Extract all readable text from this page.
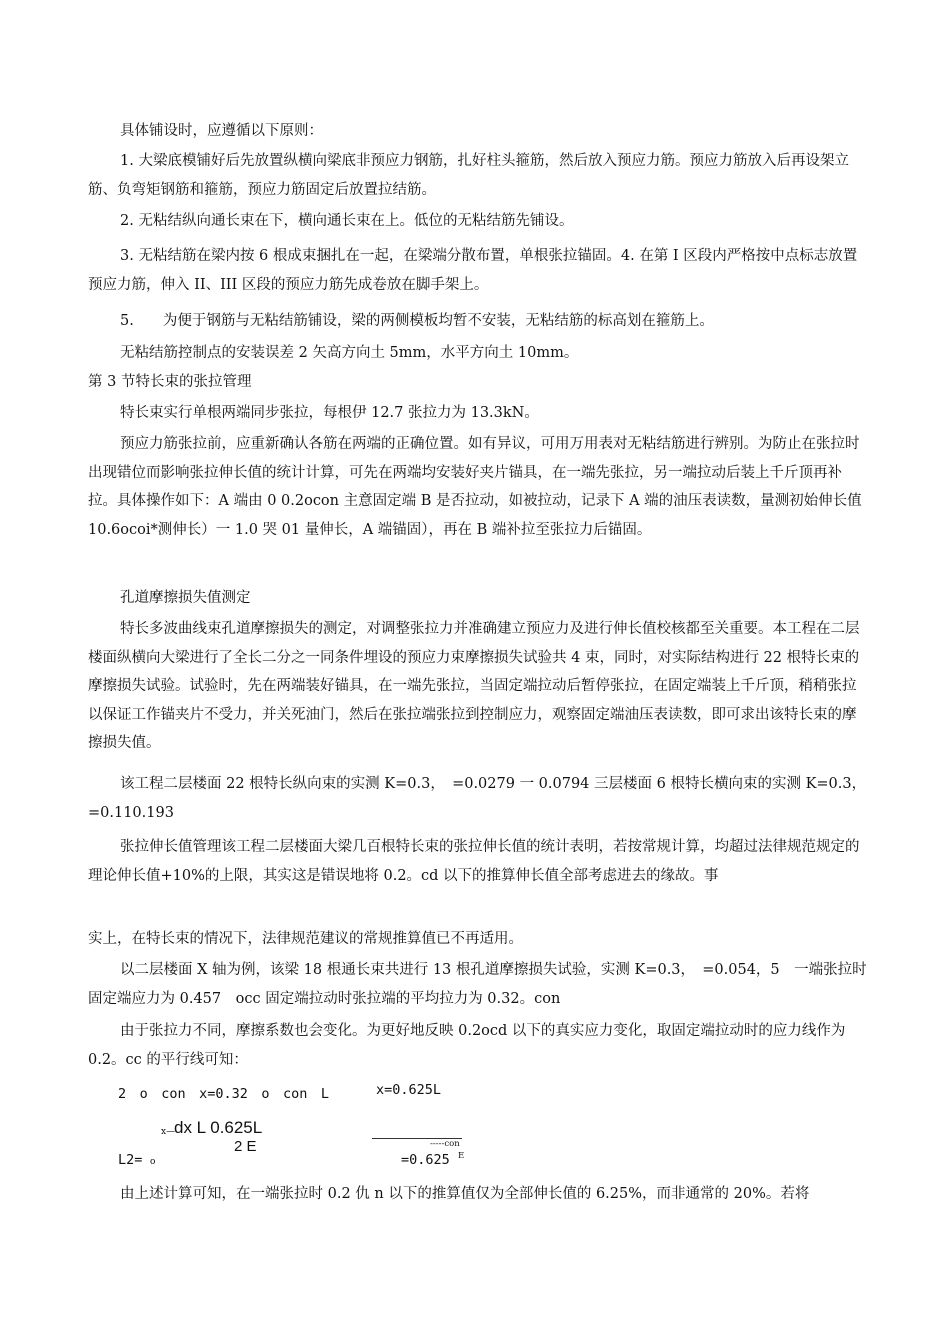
具体铺设时，应遵循以下原则：
1. 大梁底模铺好后先放置纵横向梁底非预应力钢筋，扎好柱头箍筋，然后放入预应力筋。预应力筋放入后再设架立筋、负弯矩钢筋和箍筋，预应力筋固定后放置拉结筋。
2. 无粘结纵向通长束在下，横向通长束在上。低位的无粘结筋先铺设。
3. 无粘结筋在梁内按 6 根成束捆扎在一起，在梁端分散布置，单根张拉锚固。4. 在第 I 区段内严格按中点标志放置预应力筋，伸入 II、III 区段的预应力筋先成卷放在脚手架上。
5.　　为便于钢筋与无粘结筋铺设，梁的两侧模板均暂不安装，无粘结筋的标高划在箍筋上。
无粘结筋控制点的安装误差 2 矢高方向土 5mm，水平方向土 10mm。
第 3 节特长束的张拉管理
特长束实行单根两端同步张拉，每根伊 12.7 张拉力为 13.3kN。
预应力筋张拉前，应重新确认各筋在两端的正确位置。如有异议，可用万用表对无粘结筋进行辨别。为防止在张拉时出现错位而影响张拉伸长值的统计计算，可先在两端均安装好夹片锚具，在一端先张拉，另一端拉动后装上千斤顶再补拉。具体操作如下：A 端由 0 0.2ocon 主意固定端 B 是否拉动，如被拉动，记录下 A 端的油压表读数，量测初始伸长值 10.6ocoi*测伸长）一 1.0 哭 01 量伸长，A 端锚固），再在 B 端补拉至张拉力后锚固。
孔道摩擦损失值测定
特长多波曲线束孔道摩擦损失的测定，对调整张拉力并准确建立预应力及进行伸长值校核都至关重要。本工程在二层楼面纵横向大梁进行了全长二分之一同条件埋设的预应力束摩擦损失试验共 4 束，同时，对实际结构进行 22 根特长束的摩擦损失试验。试验时，先在两端装好锚具，在一端先张拉，当固定端拉动后暂停张拉，在固定端装上千斤顶，稍稍张拉以保证工作锚夹片不受力，并关死油门，然后在张拉端张拉到控制应力，观察固定端油压表读数，即可求出该特长束的摩擦损失值。
该工程二层楼面 22 根特长纵向束的实测 K=0.3，　=0.0279 一 0.0794 三层楼面 6 根特长横向束的实测 K=0.3，　=0.110.193
张拉伸长值管理该工程二层楼面大梁几百根特长束的张拉伸长值的统计表明，若按常规计算，均超过法律规范规定的理论伸长值+10%的上限，其实这是错误地将 0.2。cd 以下的推算伸长值全部考虑进去的缘故。事
实上，在特长束的情况下，法律规范建议的常规推算值已不再适用。
以二层楼面 X 轴为例，该梁 18 根通长束共进行 13 根孔道摩擦损失试验，实测 K=0.3，　=0.054，5　一端张拉时固定端应力为 0.457　occ 固定端拉动时张拉端的平均拉力为 0.32。con
由于张拉力不同，摩擦系数也会变化。为更好地反映 0.2ocd 以下的真实应力变化，取固定端拉动时的应力线作为 0.2。cc 的平行线可知：
2　o　con　x=0.32　o　con　L	x=0.625L
x—
dx L 0.625L
2 E	-----con
L2= o	=0.625 E
由上述计算可知，在一端张拉时 0.2 仇 n 以下的推算值仅为全部伸长值的 6.25%，而非通常的 20%。若将
